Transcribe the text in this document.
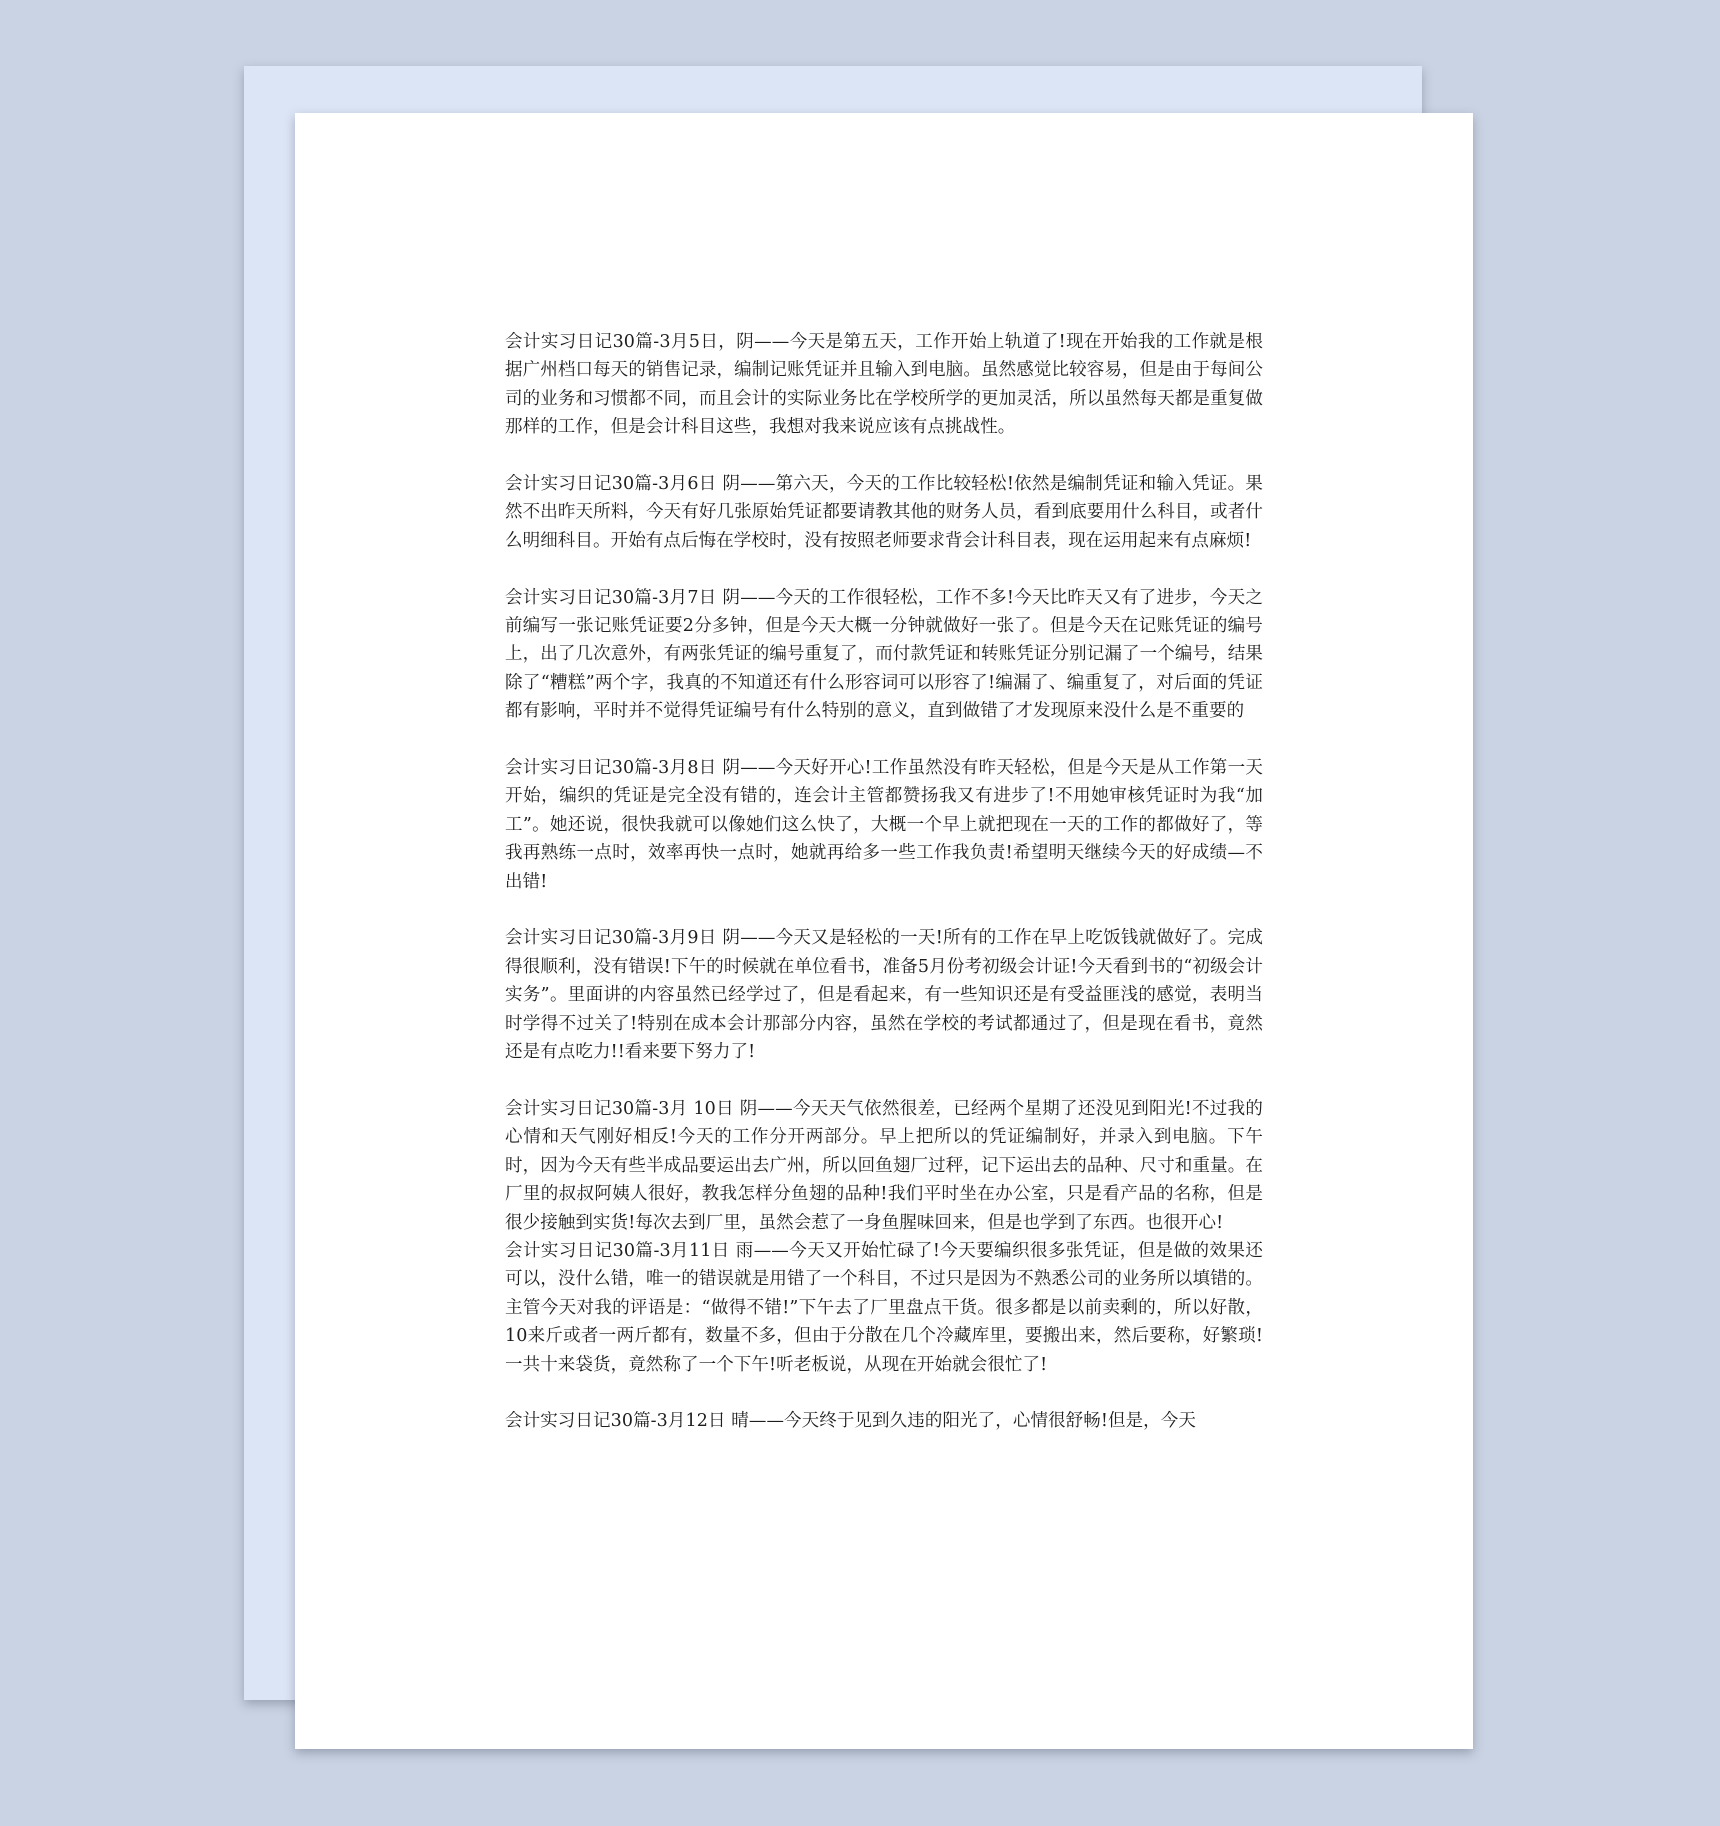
会计实习日记30篇-3月5日，阴——今天是第五天，工作开始上轨道了!现在开始我的工作就是根据广州档口每天的销售记录，编制记账凭证并且输入到电脑。虽然感觉比较容易，但是由于每间公司的业务和习惯都不同，而且会计的实际业务比在学校所学的更加灵活，所以虽然每天都是重复做那样的工作，但是会计科目这些，我想对我来说应该有点挑战性。

会计实习日记30篇-3月6日 阴——第六天，今天的工作比较轻松!依然是编制凭证和输入凭证。果然不出昨天所料，今天有好几张原始凭证都要请教其他的财务人员，看到底要用什么科目，或者什么明细科目。开始有点后悔在学校时，没有按照老师要求背会计科目表，现在运用起来有点麻烦!

会计实习日记30篇-3月7日 阴——今天的工作很轻松，工作不多!今天比昨天又有了进步，今天之前编写一张记账凭证要2分多钟，但是今天大概一分钟就做好一张了。但是今天在记账凭证的编号上，出了几次意外，有两张凭证的编号重复了，而付款凭证和转账凭证分别记漏了一个编号，结果除了“糟糕”两个字，我真的不知道还有什么形容词可以形容了!编漏了、编重复了，对后面的凭证都有影响，平时并不觉得凭证编号有什么特别的意义，直到做错了才发现原来没什么是不重要的

会计实习日记30篇-3月8日 阴——今天好开心!工作虽然没有昨天轻松，但是今天是从工作第一天开始，编织的凭证是完全没有错的，连会计主管都赞扬我又有进步了!不用她审核凭证时为我“加工”。她还说，很快我就可以像她们这么快了，大概一个早上就把现在一天的工作的都做好了，等我再熟练一点时，效率再快一点时，她就再给多一些工作我负责!希望明天继续今天的好成绩—不出错!

会计实习日记30篇-3月9日 阴——今天又是轻松的一天!所有的工作在早上吃饭钱就做好了。完成得很顺利，没有错误!下午的时候就在单位看书，准备5月份考初级会计证!今天看到书的“初级会计实务”。里面讲的内容虽然已经学过了，但是看起来，有一些知识还是有受益匪浅的感觉，表明当时学得不过关了!特别在成本会计那部分内容，虽然在学校的考试都通过了，但是现在看书，竟然还是有点吃力!!看来要下努力了!

会计实习日记30篇-3月 10日 阴——今天天气依然很差，已经两个星期了还没见到阳光!不过我的心情和天气刚好相反!今天的工作分开两部分。早上把所以的凭证编制好，并录入到电脑。下午时，因为今天有些半成品要运出去广州，所以回鱼翅厂过秤，记下运出去的品种、尺寸和重量。在厂里的叔叔阿姨人很好，教我怎样分鱼翅的品种!我们平时坐在办公室，只是看产品的名称，但是很少接触到实货!每次去到厂里，虽然会惹了一身鱼腥味回来，但是也学到了东西。也很开心!

会计实习日记30篇-3月11日 雨——今天又开始忙碌了!今天要编织很多张凭证，但是做的效果还可以，没什么错，唯一的错误就是用错了一个科目，不过只是因为不熟悉公司的业务所以填错的。主管今天对我的评语是：“做得不错!”下午去了厂里盘点干货。很多都是以前卖剩的，所以好散，10来斤或者一两斤都有，数量不多，但由于分散在几个冷藏库里，要搬出来，然后要称，好繁琐!一共十来袋货，竟然称了一个下午!听老板说，从现在开始就会很忙了!

会计实习日记30篇-3月12日 晴——今天终于见到久违的阳光了，心情很舒畅!但是，今天
